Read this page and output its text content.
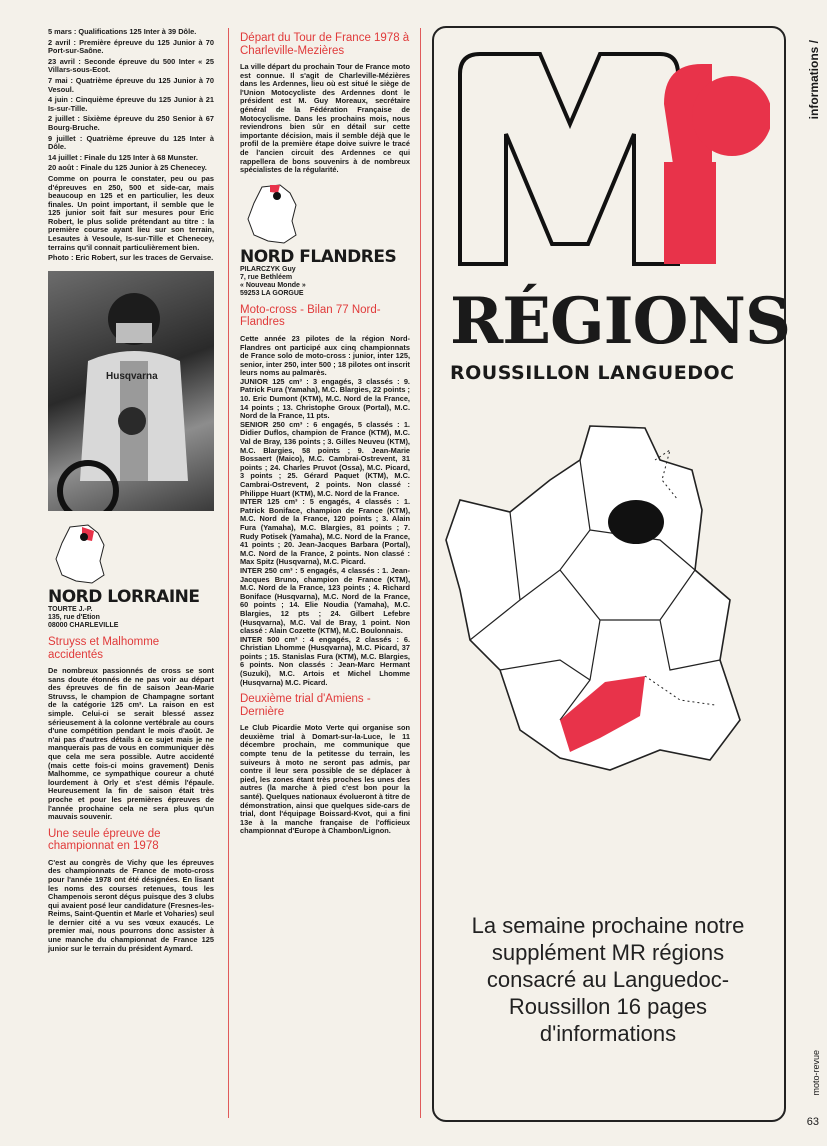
5 mars : Qualifications 125 Inter à 39 Dôle.

2 avril : Première épreuve du 125 Junior à 70 Port-sur-Saône.

23 avril : Seconde épreuve du 500 Inter « 25 Villars-sous-Ecot.

7 mai : Quatrième épreuve du 125 Junior à 70 Vesoul.

4 juin : Cinquième épreuve du 125 Junior à 21 Is-sur-Tille.

2 juillet : Sixième épreuve du 250 Senior à 67 Bourg-Bruche.

9 juillet : Quatrième épreuve du 125 Inter à Dôle.

14 juillet : Finale du 125 Inter à 68 Munster.

20 août : Finale du 125 Junior à 25 Chenecey.

Comme on pourra le constater, peu ou pas d'épreuves en 250, 500 et side-car, mais beaucoup en 125 et en particulier, les deux finales. Un point important, il semble que le 125 junior soit fait sur mesures pour Eric Robert, le plus solide prétendant au titre : la première course ayant lieu sur son terrain, Lesautes à Vesoule, Is-sur-Tille et Chenecey, terrains qu'il connait particulièrement bien.

Photo : Eric Robert, sur les traces de Gervaise.

Husqvarna
NORD LORRAINE
TOURTE J.-P.
135, rue d'Etion
08000 CHARLEVILLE
Struyss et Malhomme accidentés

De nombreux passionnés de cross se sont sans doute étonnés de ne pas voir au départ des épreuves de fin de saison Jean-Marie Struvss, le champion de Champagne sortant de la catégorie 125 cm³. La raison en est simple. Celui-ci se serait blessé assez sérieusement à la colonne vertébrale au cours d'une compétition pendant le mois d'août. Je n'ai pas d'autres détails à ce sujet mais je ne manquerais pas de vous en communiquer dès que cela me sera possible. Autre accidenté (mais cette fois-ci moins gravement) Denis Malhomme, ce sympathique coureur a chuté lourdement à Orly et s'est démis l'épaule. Heureusement la fin de saison était très proche et pour les premières épreuves de l'année prochaine cela ne sera plus qu'un mauvais souvenir.

Une seule épreuve de championnat en 1978

C'est au congrès de Vichy que les épreuves des championnats de France de moto-cross pour l'année 1978 ont été désignées. En lisant les noms des courses retenues, tous les Champenois seront déçus puisque des 3 clubs qui avaient posé leur candidature (Fresnes-les-Reims, Saint-Quentin et Marle et Voharies) seul le dernier cité a vu ses vœux exaucés. Le premier mai, nous pourrons donc assister à une manche du championnat de France 125 junior sur le terrain du président Aymard.

Départ du Tour de France 1978 à Charleville-Mezières

La ville départ du prochain Tour de France moto est connue. Il s'agit de Charleville-Mézières dans les Ardennes, lieu où est situé le siège de l'Union Motocycliste des Ardennes dont le président est M. Guy Moreaux, secrétaire général de la Fédération Française de Motocyclisme. Dans les prochains mois, nous reviendrons bien sûr en détail sur cette importante décision, mais il semble déjà que le profil de la première étape doive suivre le tracé de l'ancien circuit des Ardennes ce qui rappellera de bons souvenirs à de nombreux spécialistes de la régularité.

NORD FLANDRES
PILARCZYK Guy
7, rue Bethléem
« Nouveau Monde »
59253 LA GORGUE
Moto-cross - Bilan 77 Nord-Flandres

Cette année 23 pilotes de la région Nord-Flandres ont participé aux cinq championnats de France solo de moto-cross : junior, inter 125, senior, inter 250, inter 500 ; 18 pilotes ont inscrit leurs noms au palmarès.
JUNIOR 125 cm³ : 3 engagés, 3 classés : 9. Patrick Fura (Yamaha), M.C. Blargies, 22 points ; 10. Eric Dumont (KTM), M.C. Nord de la France, 14 points ; 13. Christophe Groux (Portal), M.C. Nord de la France, 11 pts.
SENIOR 250 cm³ : 6 engagés, 5 classés : 1. Didier Duflos, champion de France (KTM), M.C. Val de Bray, 136 points ; 3. Gilles Neuveu (KTM), M.C. Blargies, 58 points ; 9. Jean-Marie Bossaert (Maico), M.C. Cambrai-Ostrevent, 31 points ; 24. Charles Pruvot (Ossa), M.C. Picard, 3 points ; 25. Gérard Paquet (KTM), M.C. Cambrai-Ostrevent, 2 points. Non classé : Philippe Huart (KTM), M.C. Nord de la France.
INTER 125 cm³ : 5 engagés, 4 classés : 1. Patrick Boniface, champion de France (KTM), M.C. Nord de la France, 120 points ; 3. Alain Fura (Yamaha), M.C. Blargies, 81 points ; 7. Rudy Potisek (Yamaha), M.C. Nord de la France, 41 points ; 20. Jean-Jacques Barbara (Portal), M.C. Nord de la France, 2 points. Non classé : Max Spitz (Husqvarna), M.C. Picard.
INTER 250 cm³ : 5 engagés, 4 classés : 1. Jean-Jacques Bruno, champion de France (KTM), M.C. Nord de la France, 123 points ; 4. Richard Boniface (Husqvarna), M.C. Nord de la France, 60 points ; 14. Elie Noudia (Yamaha), M.C. Blargies, 12 pts ; 24. Gilbert Lefebre (Husqvarna), M.C. Val de Bray, 1 point. Non classé : Alain Cozette (KTM), M.C. Boulonnais.
INTER 500 cm³ : 4 engagés, 2 classés : 6. Christian Lhomme (Husqvarna), M.C. Picard, 37 points ; 15. Stanislas Fura (KTM), M.C. Blargies, 6 points. Non classés : Jean-Marc Hermant (Suzuki), M.C. Artois et Michel Lhomme (Husqvarna) M.C. Picard.

Deuxième trial d'Amiens - Dernière

Le Club Picardie Moto Verte qui organise son deuxième trial à Domart-sur-la-Luce, le 11 décembre prochain, me communique que compte tenu de la petitesse du terrain, les suiveurs à moto ne seront pas admis, par contre il leur sera possible de se déplacer à pied, les zones étant très proches les unes des autres (la marche à pied c'est bon pour la santé). Quelques nationaux évolueront à titre de démonstration, ainsi que quelques side-cars de trial, dont l'équipage Boissard-Kvot, qui a fini 13e à la manche française de l'officieux championnat d'Europe à Chambon/Lignon.

MR
RÉGIONS
ROUSSILLON LANGUEDOC
La semaine prochaine notre supplément MR régions consacré au Languedoc-Roussillon 16 pages d'informations
informations /
moto-revue
63
